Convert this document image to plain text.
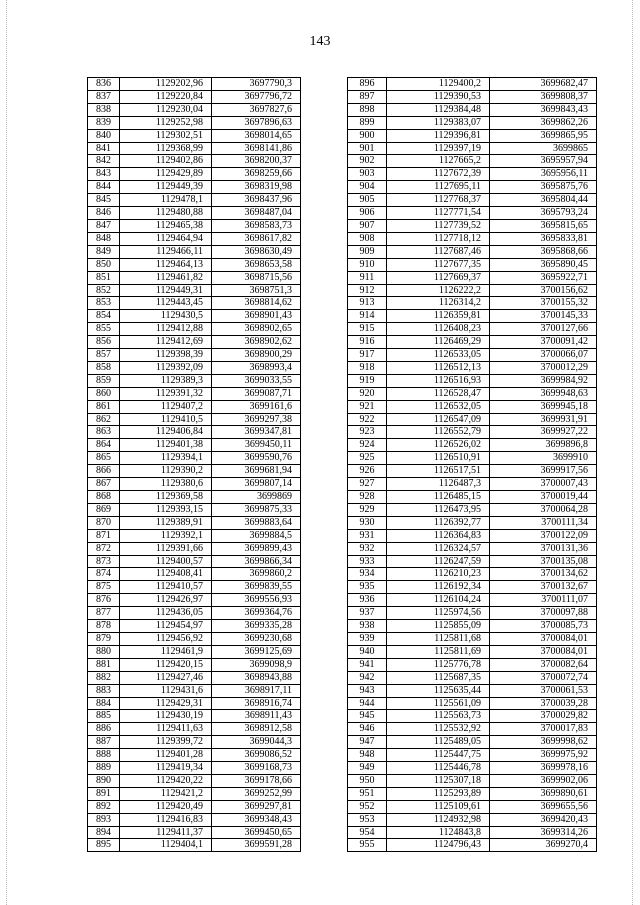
143
836	1129202,96	3697790,3
837	1129220,84	3697796,72
838	1129230,04	3697827,6
839	1129252,98	3697896,63
840	1129302,51	3698014,65
841	1129368,99	3698141,86
842	1129402,86	3698200,37
843	1129429,89	3698259,66
844	1129449,39	3698319,98
845	1129478,1	3698437,96
846	1129480,88	3698487,04
847	1129465,38	3698583,73
848	1129464,94	3698617,82
849	1129466,11	3698630,49
850	1129464,13	3698653,58
851	1129461,82	3698715,56
852	1129449,31	3698751,3
853	1129443,45	3698814,62
854	1129430,5	3698901,43
855	1129412,88	3698902,65
856	1129412,69	3698902,62
857	1129398,39	3698900,29
858	1129392,09	3698993,4
859	1129389,3	3699033,55
860	1129391,32	3699087,71
861	1129407,2	3699161,6
862	1129410,5	3699297,38
863	1129406,84	3699347,81
864	1129401,38	3699450,11
865	1129394,1	3699590,76
866	1129390,2	3699681,94
867	1129380,6	3699807,14
868	1129369,58	3699869
869	1129393,15	3699875,33
870	1129389,91	3699883,64
871	1129392,1	3699884,5
872	1129391,66	3699899,43
873	1129400,57	3699866,34
874	1129408,41	3699860,2
875	1129410,57	3699839,55
876	1129426,97	3699556,93
877	1129436,05	3699364,76
878	1129454,97	3699335,28
879	1129456,92	3699230,68
880	1129461,9	3699125,69
881	1129420,15	3699098,9
882	1129427,46	3698943,88
883	1129431,6	3698917,11
884	1129429,31	3698916,74
885	1129430,19	3698911,43
886	1129411,63	3698912,58
887	1129399,72	3699044,3
888	1129401,28	3699086,52
889	1129419,34	3699168,73
890	1129420,22	3699178,66
891	1129421,2	3699252,99
892	1129420,49	3699297,81
893	1129416,83	3699348,43
894	1129411,37	3699450,65
895	1129404,1	3699591,28
896	1129400,2	3699682,47
897	1129390,53	3699808,37
898	1129384,48	3699843,43
899	1129383,07	3699862,26
900	1129396,81	3699865,95
901	1129397,19	3699865
902	1127665,2	3695957,94
903	1127672,39	3695956,11
904	1127695,11	3695875,76
905	1127768,37	3695804,44
906	1127771,54	3695793,24
907	1127739,52	3695815,65
908	1127718,12	3695833,81
909	1127687,46	3695868,66
910	1127677,35	3695890,45
911	1127669,37	3695922,71
912	1126222,2	3700156,62
913	1126314,2	3700155,32
914	1126359,81	3700145,33
915	1126408,23	3700127,66
916	1126469,29	3700091,42
917	1126533,05	3700066,07
918	1126512,13	3700012,29
919	1126516,93	3699984,92
920	1126528,47	3699948,63
921	1126532,05	3699945,18
922	1126547,09	3699931,91
923	1126552,79	3699927,22
924	1126526,02	3699896,8
925	1126510,91	3699910
926	1126517,51	3699917,56
927	1126487,3	3700007,43
928	1126485,15	3700019,44
929	1126473,95	3700064,28
930	1126392,77	3700111,34
931	1126364,83	3700122,09
932	1126324,57	3700131,36
933	1126247,59	3700135,08
934	1126210,23	3700134,62
935	1126192,34	3700132,67
936	1126104,24	3700111,07
937	1125974,56	3700097,88
938	1125855,09	3700085,73
939	1125811,68	3700084,01
940	1125811,69	3700084,01
941	1125776,78	3700082,64
942	1125687,35	3700072,74
943	1125635,44	3700061,53
944	1125561,09	3700039,28
945	1125563,73	3700029,82
946	1125532,92	3700017,83
947	1125489,05	3699998,62
948	1125447,75	3699975,92
949	1125446,78	3699978,16
950	1125307,18	3699902,06
951	1125293,89	3699890,61
952	1125109,61	3699655,56
953	1124932,98	3699420,43
954	1124843,8	3699314,26
955	1124796,43	3699270,4
